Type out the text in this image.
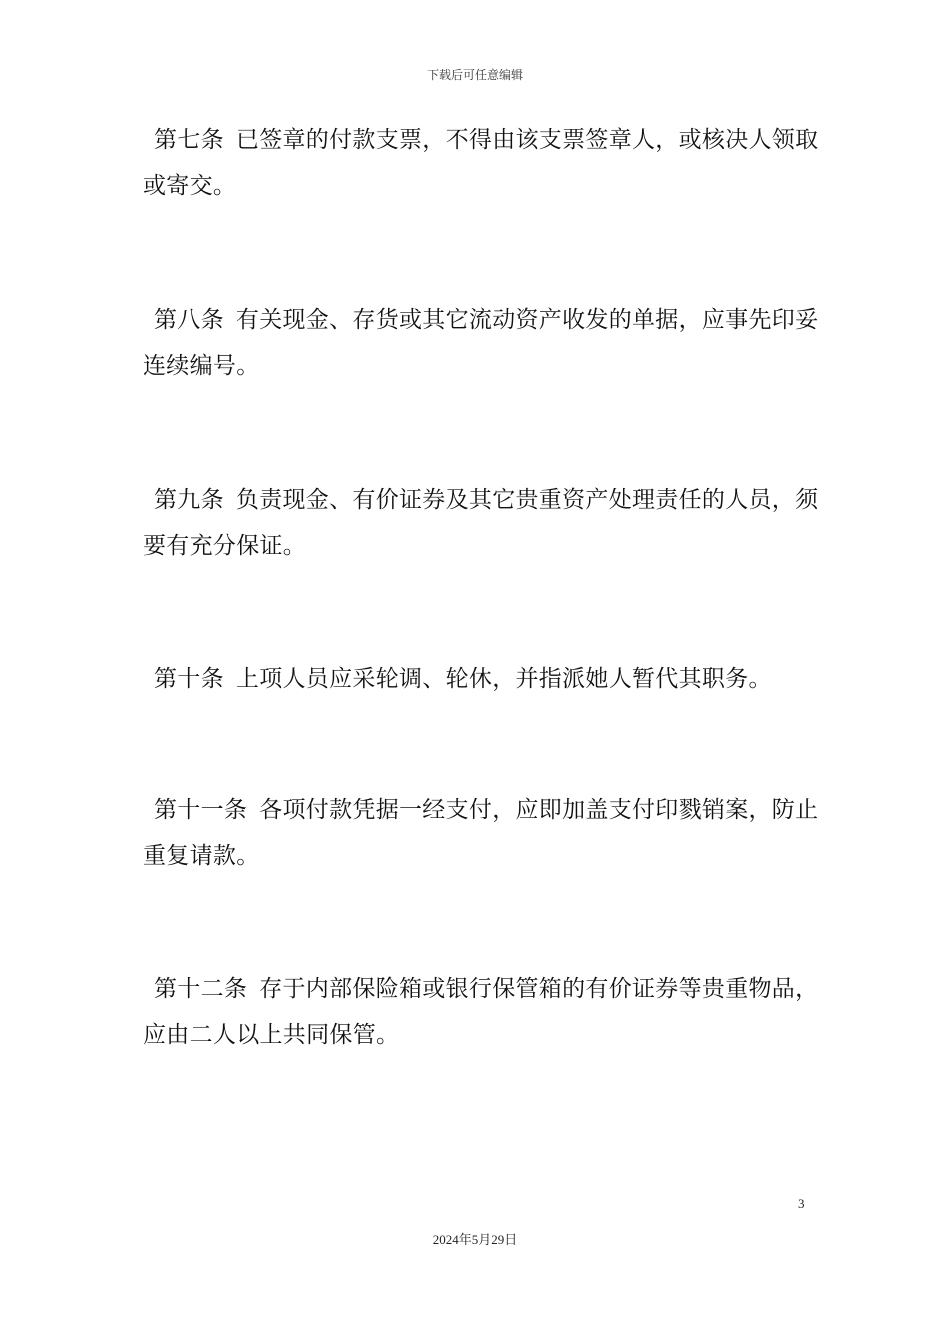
下载后可任意编辑
第七条 已签章的付款支票，不得由该支票签章人，或核决人领取
或寄交。
第八条 有关现金、存货或其它流动资产收发的单据，应事先印妥
连续编号。
第九条 负责现金、有价证券及其它贵重资产处理责任的人员，须
要有充分保证。
第十条 上项人员应采轮调、轮休，并指派她人暂代其职务。
第十一条 各项付款凭据一经支付，应即加盖支付印戮销案，防止
重复请款。
第十二条 存于内部保险箱或银行保管箱的有价证券等贵重物品，
应由二人以上共同保管。
3
2024年5月29日
